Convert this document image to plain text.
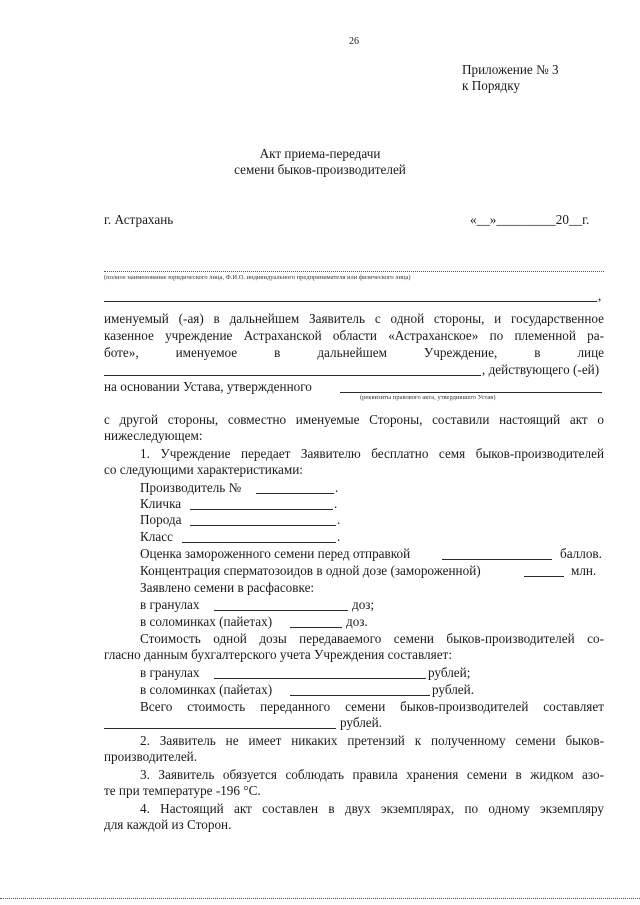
26
Приложение № 3
к Порядку
Акт приема-передачи
семени быков-производителей
г. Астрахань	«__»_________20__г.
(полное наименование юридического лица, Ф.И.О. индивидуального предпринимателя или физического лица)
,
именуемый (-ая) в дальнейшем Заявитель с одной стороны, и государственное
казенное учреждение Астраханской области «Астраханское» по племенной ра-
боте», именуемое в дальнейшем Учреждение, в лице
, действующего (-ей)
на основании Устава, утвержденного
(реквизиты правового акта, утвердившего Устав)
с другой стороны, совместно именуемые Стороны, составили настоящий акт о
нижеследующем:
1. Учреждение передает Заявителю бесплатно семя быков-производителей
со следующими характеристиками:
Производитель №	.
Кличка	.
Порода	.
Класс	.
Оценка замороженного семени перед отправкой	баллов.
Концентрация сперматозоидов в одной дозе (замороженной)	млн.
Заявлено семени в расфасовке:
в гранулах	доз;
в соломинках (пайетах)	доз.
Стоимость одной дозы передаваемого семени быков-производителей со-
гласно данным бухгалтерского учета Учреждения составляет:
в гранулах	рублей;
в соломинках (пайетах)	рублей.
Всего стоимость переданного семени быков-производителей составляет
рублей.
2. Заявитель не имеет никаких претензий к полученному семени быков-
производителей.
3. Заявитель обязуется соблюдать правила хранения семени в жидком азо-
те при температуре -196 °С.
4. Настоящий акт составлен в двух экземплярах, по одному экземпляру
для каждой из Сторон.
